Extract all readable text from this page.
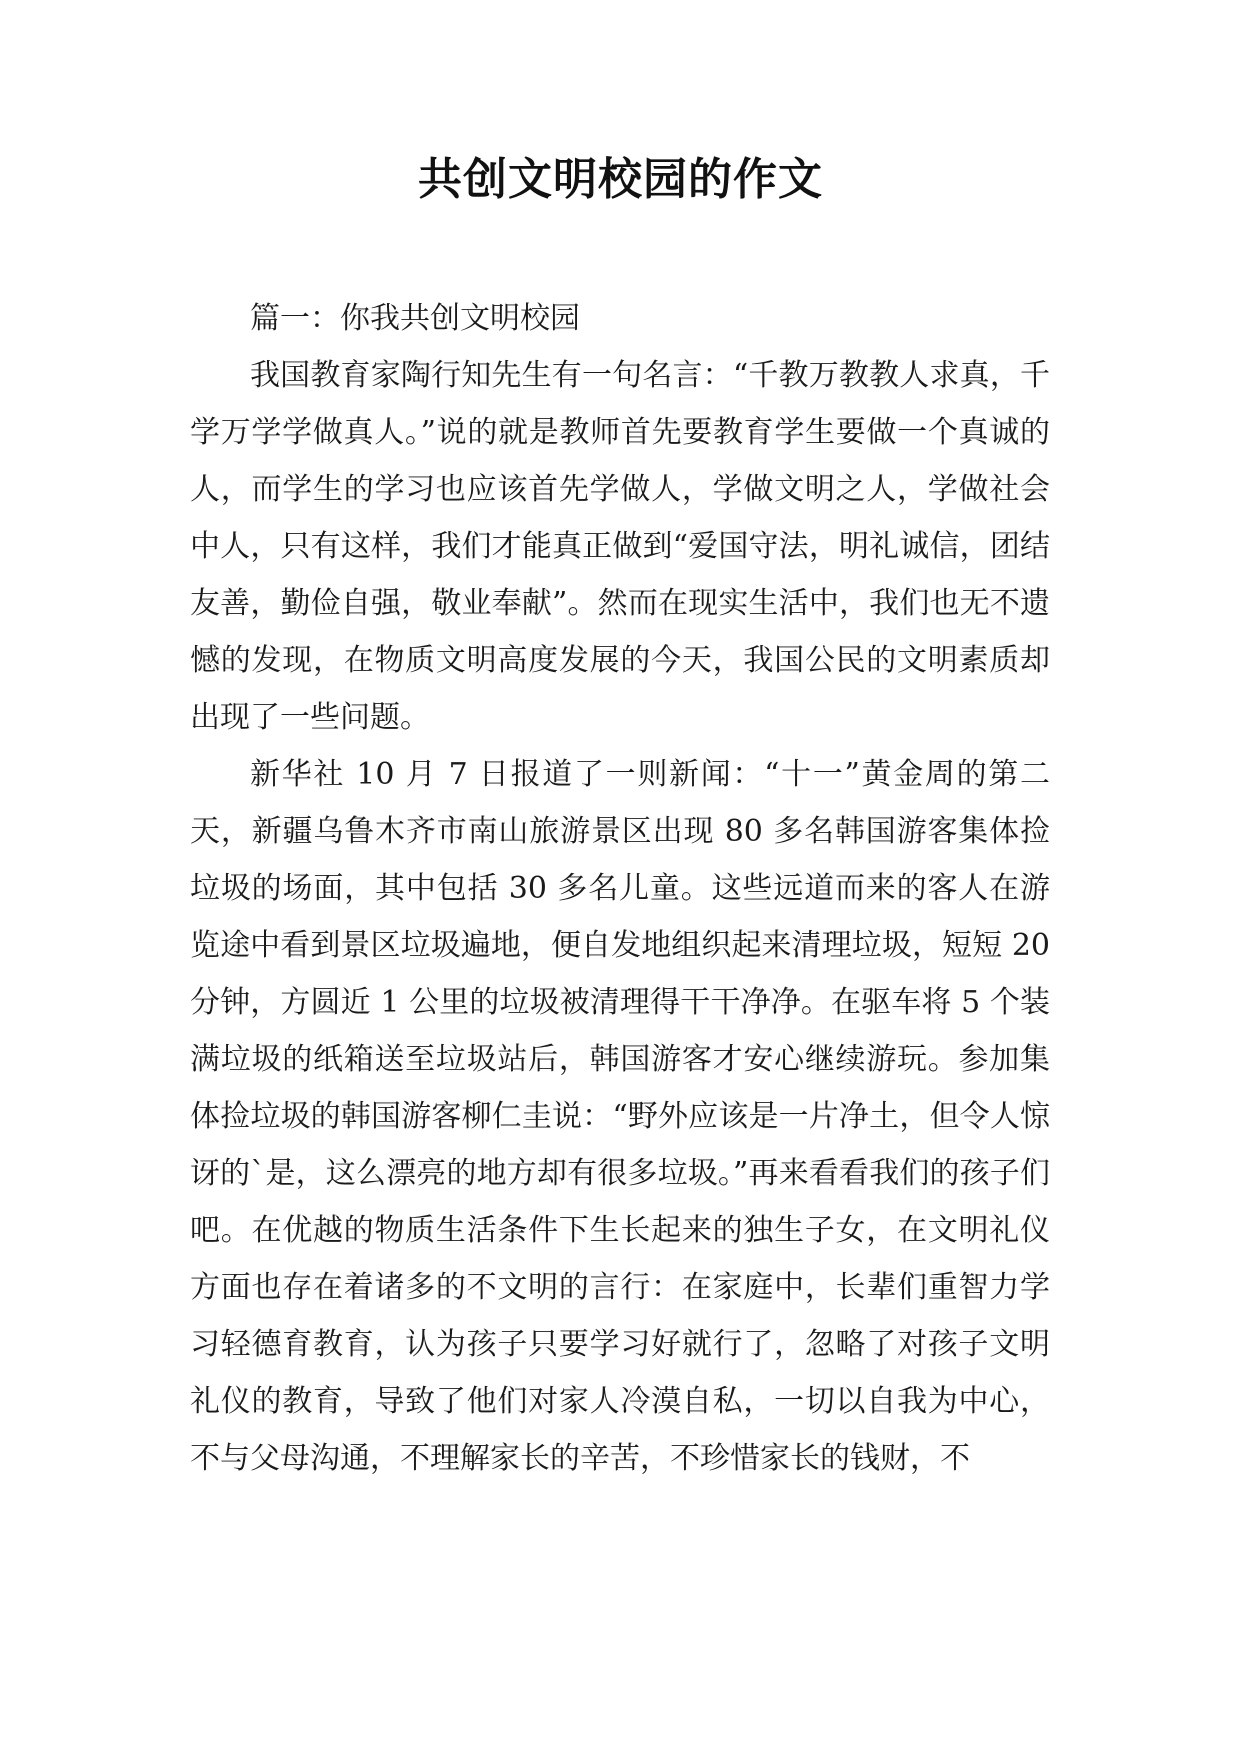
共创文明校园的作文

篇一：你我共创文明校园

我国教育家陶行知先生有一句名言：“千教万教教人求真，千学万学学做真人。”说的就是教师首先要教育学生要做一个真诚的人，而学生的学习也应该首先学做人，学做文明之人，学做社会中人，只有这样，我们才能真正做到“爱国守法，明礼诚信，团结友善，勤俭自强，敬业奉献”。然而在现实生活中，我们也无不遗憾的发现，在物质文明高度发展的今天，我国公民的文明素质却出现了一些问题。

新华社 10 月 7 日报道了一则新闻：“十一”黄金周的第二天，新疆乌鲁木齐市南山旅游景区出现 80 多名韩国游客集体捡垃圾的场面，其中包括 30 多名儿童。这些远道而来的客人在游览途中看到景区垃圾遍地，便自发地组织起来清理垃圾，短短 20 分钟，方圆近 1 公里的垃圾被清理得干干净净。在驱车将 5 个装满垃圾的纸箱送至垃圾站后，韩国游客才安心继续游玩。参加集体捡垃圾的韩国游客柳仁圭说：“野外应该是一片净土，但令人惊讶的`是，这么漂亮的地方却有很多垃圾。”再来看看我们的孩子们吧。在优越的物质生活条件下生长起来的独生子女，在文明礼仪方面也存在着诸多的不文明的言行：在家庭中，长辈们重智力学习轻德育教育，认为孩子只要学习好就行了，忽略了对孩子文明礼仪的教育，导致了他们对家人冷漠自私，一切以自我为中心，不与父母沟通，不理解家长的辛苦，不珍惜家长的钱财，不
